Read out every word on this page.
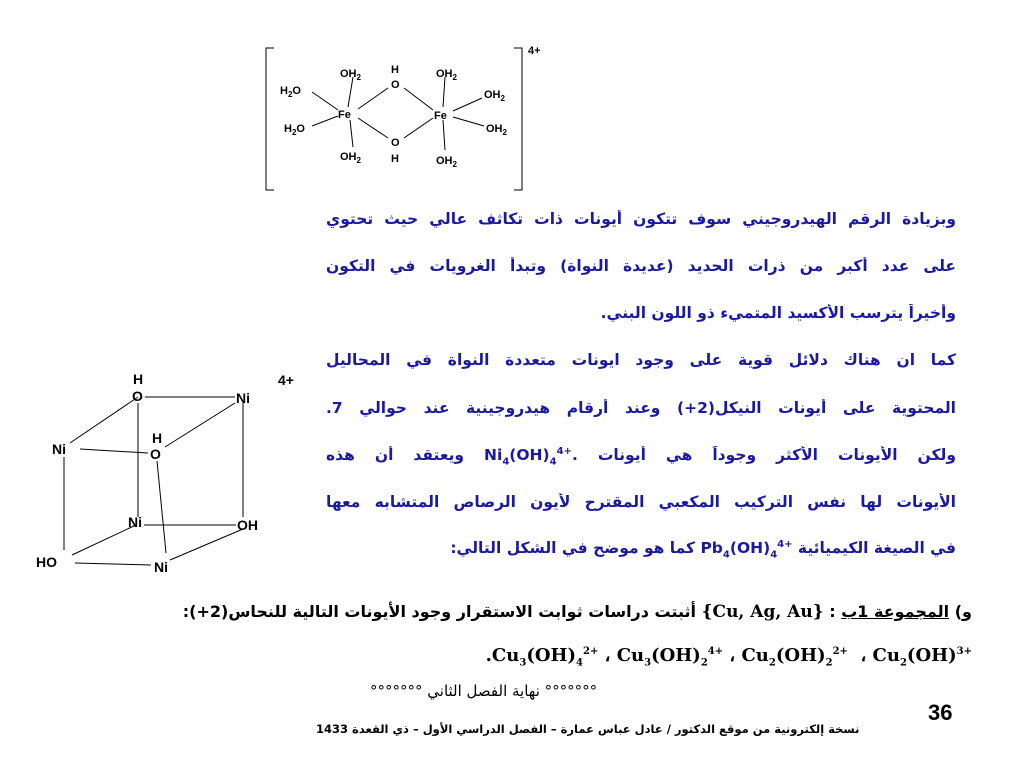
4+
OH2
H2O
H2O
Fe
OH2
H
O
O
H
Fe
OH2
OH2
OH2
OH2
4+
H
O	Ni
Ni
H
O
Ni	OH
HO	Ni
وبزيادة الرقم الهيدروجيني سوف تتكون أيونات ذات تكاثف عالي حيث تحتوي
على عدد أكبر من ذرات الحديد (عديدة النواة) وتبدأ الغرويات في التكون
وأخيراً يترسب الأكسيد المتميء ذو اللون البني.
كما ان هناك دلائل قوية على وجود ايونات متعددة النواة في المحاليل
المحتوية على أيونات النيكل(2+) وعند أرقام هيدروجينية عند حوالي 7.
ولكن الأيونات الأكثر وجوداً هي أيونات $Ni_4(OH)_4^{4+}$. ويعتقد أن هذه
الأيونات لها نفس التركيب المكعبي المقترح لأيون الرصاص المتشابه معها
في الصيغة الكيميائية $Pb_4(OH)_4^{4+}$ كما هو موضح في الشكل التالي:
و) المجموعة 1ب : {Cu, Ag, Au} أثبتت دراسات ثوابت الاستقرار وجود الأيونات التالية للنحاس(2+):
$.Cu_3(OH)_4^{2+}$ ، $Cu_3(OH)_2^{4+}$ ، $Cu_2(OH)_2^{2+}$  ، $Cu_2(OH)^{3+}$
°°°°°°° نهاية الفصل الثاني °°°°°°°
36
نسخة إلكترونية من موقع الدكتور / عادل عباس عمارة – الفصل الدراسي الأول – ذي القعدة 1433
